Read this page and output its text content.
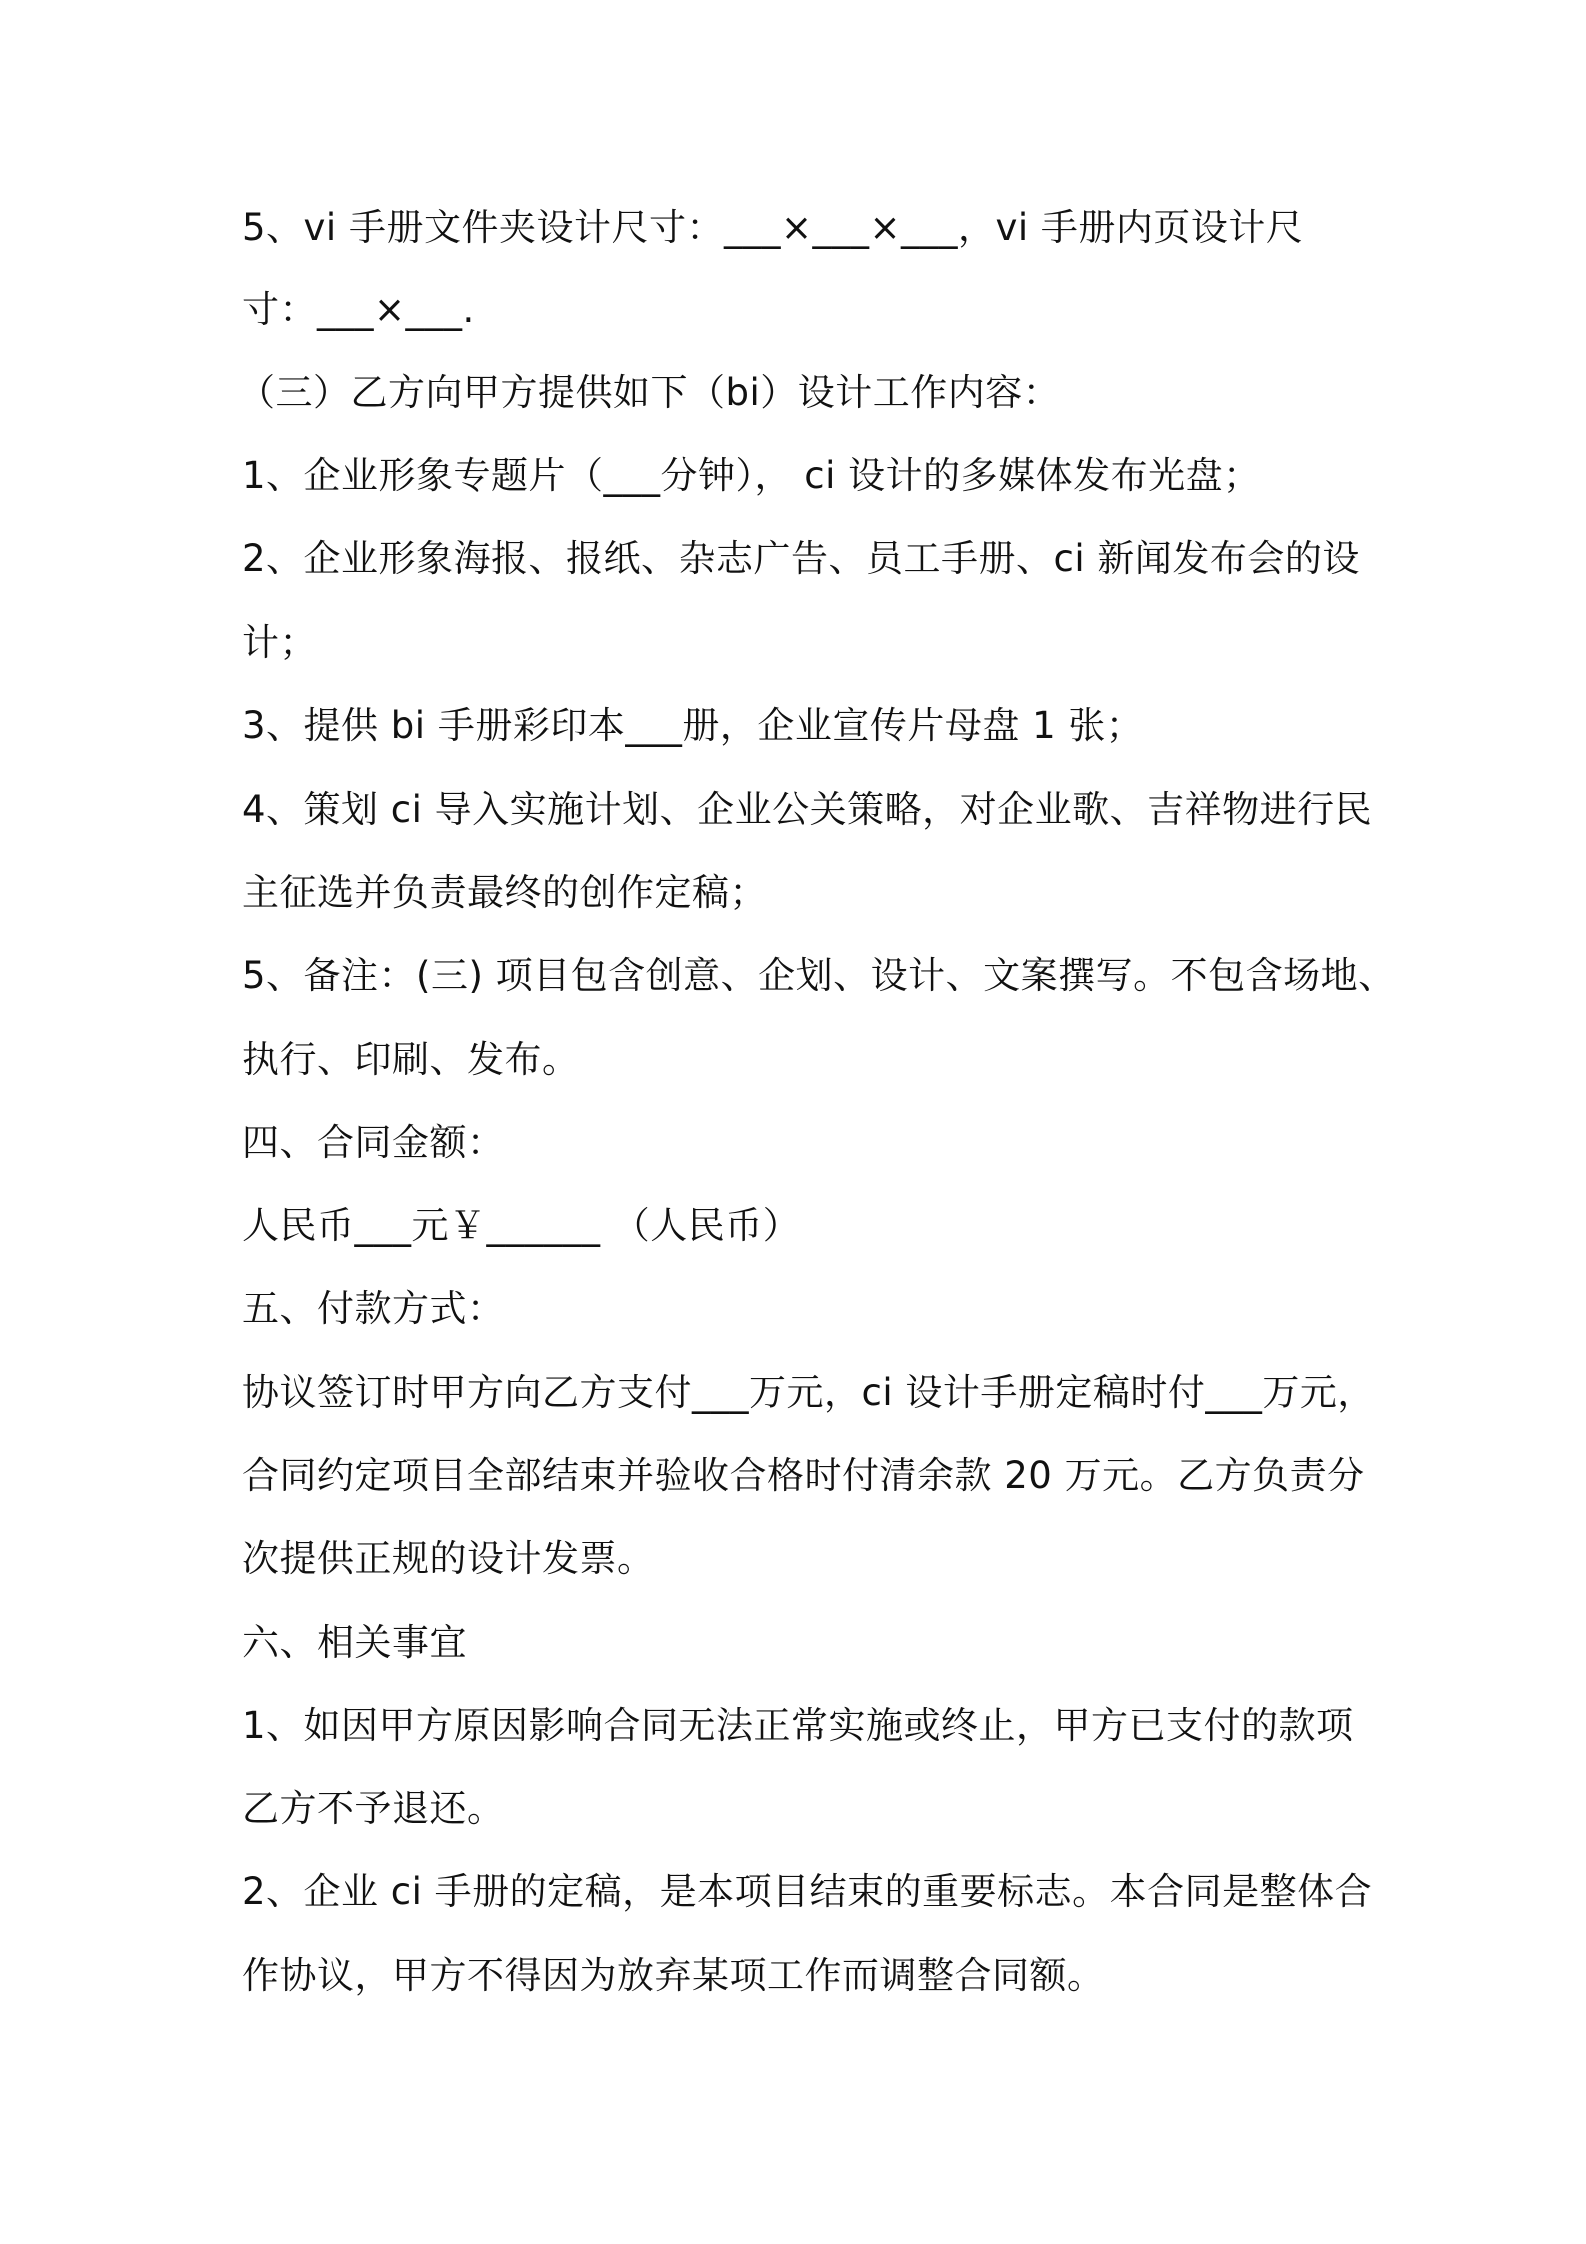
5、vi 手册文件夹设计尺寸：___×___×___，vi 手册内页设计尺
寸：___×___.
（三）乙方向甲方提供如下（bi）设计工作内容：
1、企业形象专题片（___分钟）， ci 设计的多媒体发布光盘；
2、企业形象海报、报纸、杂志广告、员工手册、ci 新闻发布会的设
计；
3、提供 bi 手册彩印本___册，企业宣传片母盘 1 张；
4、策划 ci 导入实施计划、企业公关策略，对企业歌、吉祥物进行民
主征选并负责最终的创作定稿；
5、备注：(三) 项目包含创意、企划、设计、文案撰写。不包含场地、
执行、印刷、发布。
四、合同金额：
人民币___元￥______ （人民币）
五、付款方式：
协议签订时甲方向乙方支付___万元，ci 设计手册定稿时付___万元，
合同约定项目全部结束并验收合格时付清余款 20 万元。乙方负责分
次提供正规的设计发票。
六、相关事宜
1、如因甲方原因影响合同无法正常实施或终止，甲方已支付的款项
乙方不予退还。
2、企业 ci 手册的定稿，是本项目结束的重要标志。本合同是整体合
作协议，甲方不得因为放弃某项工作而调整合同额。
